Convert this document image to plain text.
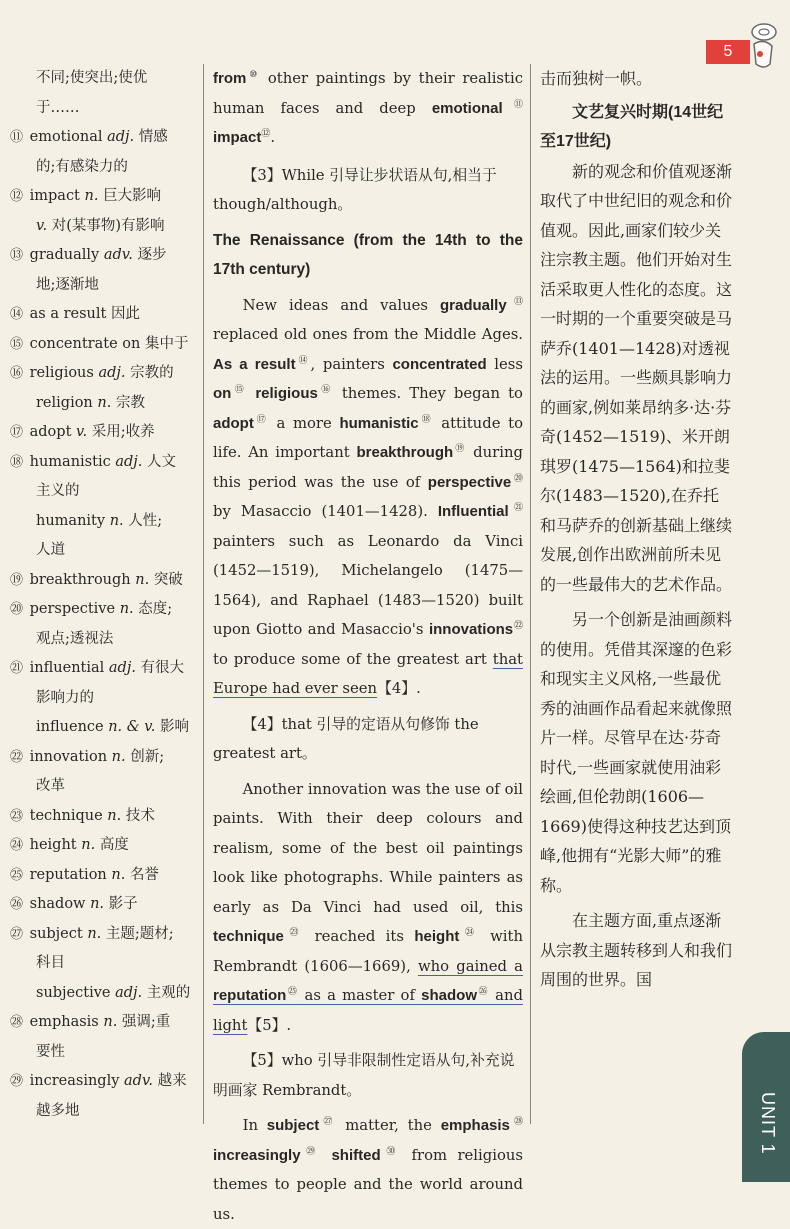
5
不同;使突出;使优
于……
⑪ emotional adj. 情感
的;有感染力的
⑫ impact n. 巨大影响
v. 对(某事物)有影响
⑬ gradually adv. 逐步
地;逐渐地
⑭ as a result 因此
⑮ concentrate on 集中于
⑯ religious adj. 宗教的
religion n. 宗教
⑰ adopt v. 采用;收养
⑱ humanistic adj. 人文
主义的
humanity n. 人性;
人道
⑲ breakthrough n. 突破
⑳ perspective n. 态度;
观点;透视法
㉑ influential adj. 有很大
影响力的
influence n. & v. 影响
㉒ innovation n. 创新;
改革
㉓ technique n. 技术
㉔ height n. 高度
㉕ reputation n. 名誉
㉖ shadow n. 影子
㉗ subject n. 主题;题材;
科目
subjective adj. 主观的
㉘ emphasis n. 强调;重
要性
㉙ increasingly adv. 越来
越多地

from⑩ other paintings by their realistic human faces and deep emotional⑪ impact⑫.

【3】While 引导让步状语从句,相当于 though/although。

The Renaissance (from the 14th to the 17th century)

New ideas and values gradually⑬ replaced old ones from the Middle Ages. As a result⑭, painters concentrated less on⑮ religious⑯ themes. They began to adopt⑰ a more humanistic⑱ attitude to life. An important breakthrough⑲ during this period was the use of perspective⑳ by Masaccio (1401—1428). Influential$^㉑$ painters such as Leonardo da Vinci (1452—1519), Michelangelo (1475—1564), and Raphael (1483—1520) built upon Giotto and Masaccio's innovations$^㉒$ to produce some of the greatest art that Europe had ever seen【4】.

【4】that 引导的定语从句修饰 the greatest art。

Another innovation was the use of oil paints. With their deep colours and realism, some of the best oil paintings look like photographs. While painters as early as Da Vinci had used oil, this technique$^㉓$ reached its height$^㉔$ with Rembrandt (1606—1669), who gained a reputation$^㉕$ as a master of shadow$^㉖$ and light【5】.

【5】who 引导非限制性定语从句,补充说明画家 Rembrandt。

In subject$^㉗$ matter, the emphasis$^㉘$ increasingly$^㉙$ shifted$^㉚$ from religious themes to people and the world around us.

击而独树一帜。

文艺复兴时期(14世纪至17世纪)

新的观念和价值观逐渐取代了中世纪旧的观念和价值观。因此,画家们较少关注宗教主题。他们开始对生活采取更人性化的态度。这一时期的一个重要突破是马萨乔(1401—1428)对透视法的运用。一些颇具影响力的画家,例如莱昂纳多·达·芬奇(1452—1519)、米开朗琪罗(1475—1564)和拉斐尔(1483—1520),在乔托和马萨乔的创新基础上继续发展,创作出欧洲前所未见的一些最伟大的艺术作品。

另一个创新是油画颜料的使用。凭借其深邃的色彩和现实主义风格,一些最优秀的油画作品看起来就像照片一样。尽管早在达·芬奇时代,一些画家就使用油彩绘画,但伦勃朗(1606—1669)使得这种技艺达到顶峰,他拥有“光影大师”的雅称。

在主题方面,重点逐渐从宗教主题转移到人和我们周围的世界。国

UNIT 1
